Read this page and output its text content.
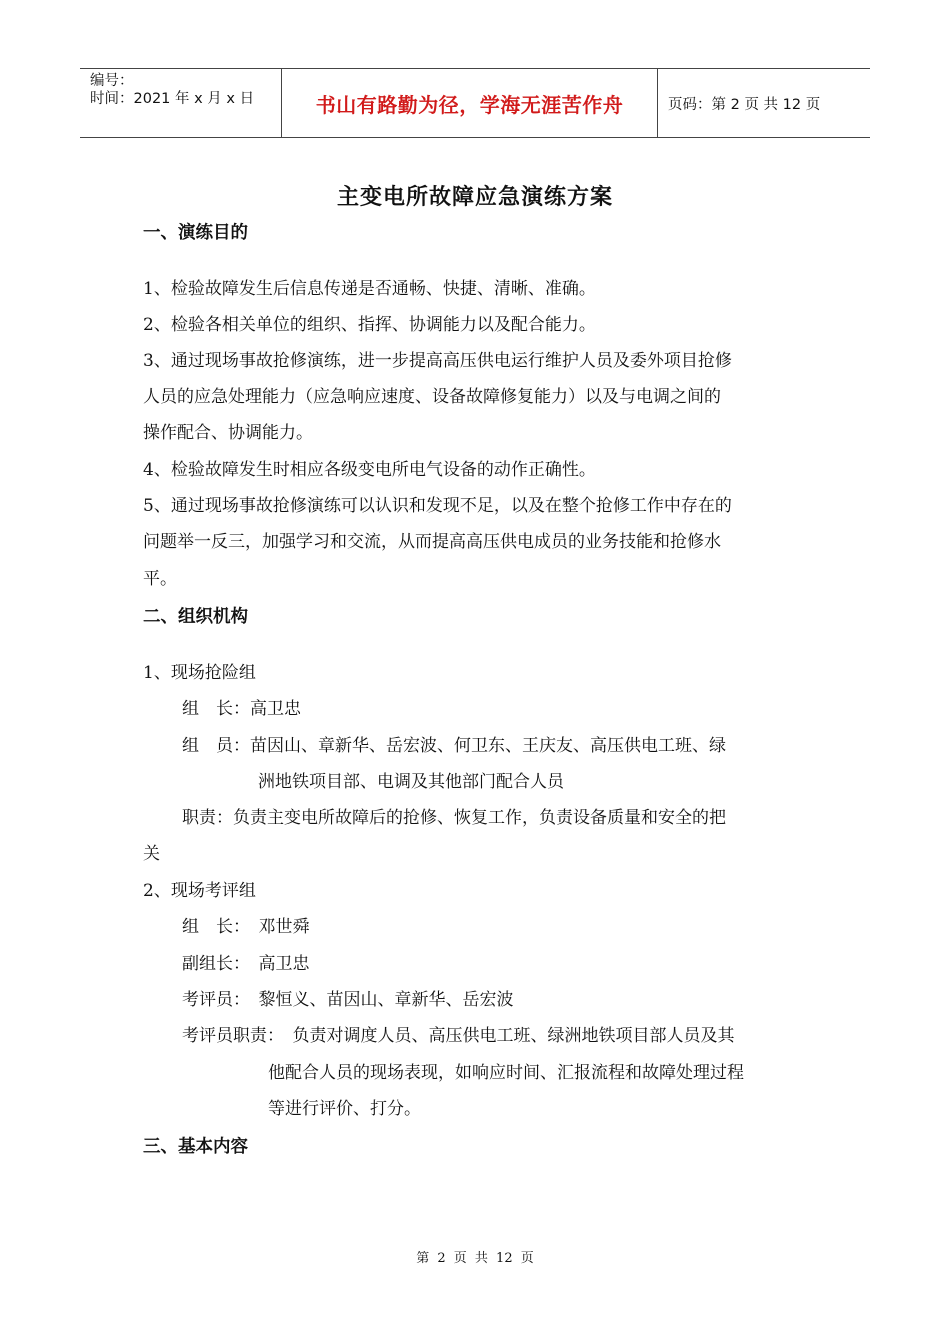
编号：
时间：2021 年 x 月 x 日	书山有路勤为径，学海无涯苦作舟	页码：第 2 页 共 12 页
主变电所故障应急演练方案
一、演练目的
1、检验故障发生后信息传递是否通畅、快捷、清晰、准确。
2、检验各相关单位的组织、指挥、协调能力以及配合能力。
3、通过现场事故抢修演练，进一步提高高压供电运行维护人员及委外项目抢修
人员的应急处理能力（应急响应速度、设备故障修复能力）以及与电调之间的
操作配合、协调能力。
4、检验故障发生时相应各级变电所电气设备的动作正确性。
5、通过现场事故抢修演练可以认识和发现不足，以及在整个抢修工作中存在的
问题举一反三，加强学习和交流，从而提高高压供电成员的业务技能和抢修水
平。
二、组织机构
1、现场抢险组
组　长：高卫忠
组　员：苗因山、章新华、岳宏波、何卫东、王庆友、高压供电工班、绿
洲地铁项目部、电调及其他部门配合人员
职责：负责主变电所故障后的抢修、恢复工作，负责设备质量和安全的把
关
2、现场考评组
组　长：　邓世舜
副组长：　高卫忠
考评员：　黎恒义、苗因山、章新华、岳宏波
考评员职责：　负责对调度人员、高压供电工班、绿洲地铁项目部人员及其
他配合人员的现场表现，如响应时间、汇报流程和故障处理过程
等进行评价、打分。
三、基本内容
第 2 页 共 12 页
